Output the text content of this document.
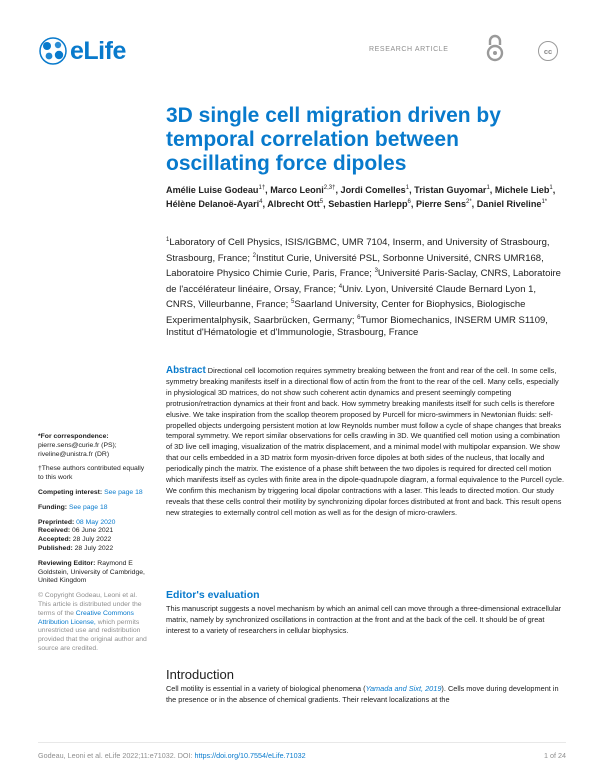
eLife	RESEARCH ARTICLE	cc
3D single cell migration driven by temporal correlation between oscillating force dipoles
Amélie Luise Godeau$^{1\dagger}$, Marco Leoni$^{2,3\dagger}$, Jordi Comelles$^1$, Tristan Guyomar$^1$, Michele Lieb$^1$, Hélène Delanoë-Ayari$^4$, Albrecht Ott$^5$, Sebastien Harlepp$^6$, Pierre Sens$^{2*}$, Daniel Riveline$^{1*}$
$^1$Laboratory of Cell Physics, ISIS/IGBMC, UMR 7104, Inserm, and University of Strasbourg, Strasbourg, France; $^2$Institut Curie, Université PSL, Sorbonne Université, CNRS UMR168, Laboratoire Physico Chimie Curie, Paris, France; $^3$Université Paris-Saclay, CNRS, Laboratoire de l'accélérateur linéaire, Orsay, France; $^4$Univ. Lyon, Université Claude Bernard Lyon 1, CNRS, Villeurbanne, France; $^5$Saarland University, Center for Biophysics, Biologische Experimentalphysik, Saarbrücken, Germany; $^6$Tumor Biomechanics, INSERM UMR S1109, Institut d'Hématologie et d'Immunologie, Strasbourg, France
*For correspondence:
pierre.sens@curie.fr (PS); riveline@unistra.fr (DR)
†These authors contributed equally to this work
Competing interest: See page 18
Funding: See page 18
Preprinted: 08 May 2020
Received: 06 June 2021
Accepted: 28 July 2022
Published: 28 July 2022
Reviewing Editor: Raymond E Goldstein, University of Cambridge, United Kingdom
© Copyright Godeau, Leoni et al. This article is distributed under the terms of the Creative Commons Attribution License, which permits unrestricted use and redistribution provided that the original author and source are credited.
Abstract Directional cell locomotion requires symmetry breaking between the front and rear of the cell. In some cells, symmetry breaking manifests itself in a directional flow of actin from the front to the rear of the cell. Many cells, especially in physiological 3D matrices, do not show such coherent actin dynamics and present seemingly competing protrusion/retraction dynamics at their front and back. How symmetry breaking manifests itself for such cells is therefore elusive. We take inspiration from the scallop theorem proposed by Purcell for micro-swimmers in Newtonian fluids: self-propelled objects undergoing persistent motion at low Reynolds number must follow a cycle of shape changes that breaks temporal symmetry. We report similar observations for cells crawling in 3D. We quantified cell motion using a combination of 3D live cell imaging, visualization of the matrix displacement, and a minimal model with multipolar expansion. We show that our cells embedded in a 3D matrix form myosin-driven force dipoles at both sides of the nucleus, that locally and periodically pinch the matrix. The existence of a phase shift between the two dipoles is required for directed cell motion which manifests itself as cycles with finite area in the dipole-quadrupole diagram, a formal equivalence to the Purcell cycle. We confirm this mechanism by triggering local dipolar contractions with a laser. This leads to directed motion. Our study reveals that these cells control their motility by synchronizing dipolar forces distributed at front and back. This result opens new strategies to externally control cell motion as well as for the design of micro-crawlers.
Editor's evaluation
This manuscript suggests a novel mechanism by which an animal cell can move through a three-dimensional extracellular matrix, namely by synchronized oscillations in contraction at the front and at the back of the cell. It should be of great interest to a variety of researchers in cellular biophysics.
Introduction
Cell motility is essential in a variety of biological phenomena (Yamada and Sixt, 2019). Cells move during development in the presence or in the absence of chemical gradients. Their relevant localizations at the
Godeau, Leoni et al. eLife 2022;11:e71032. DOI: https://doi.org/10.7554/eLife.71032	1 of 24
